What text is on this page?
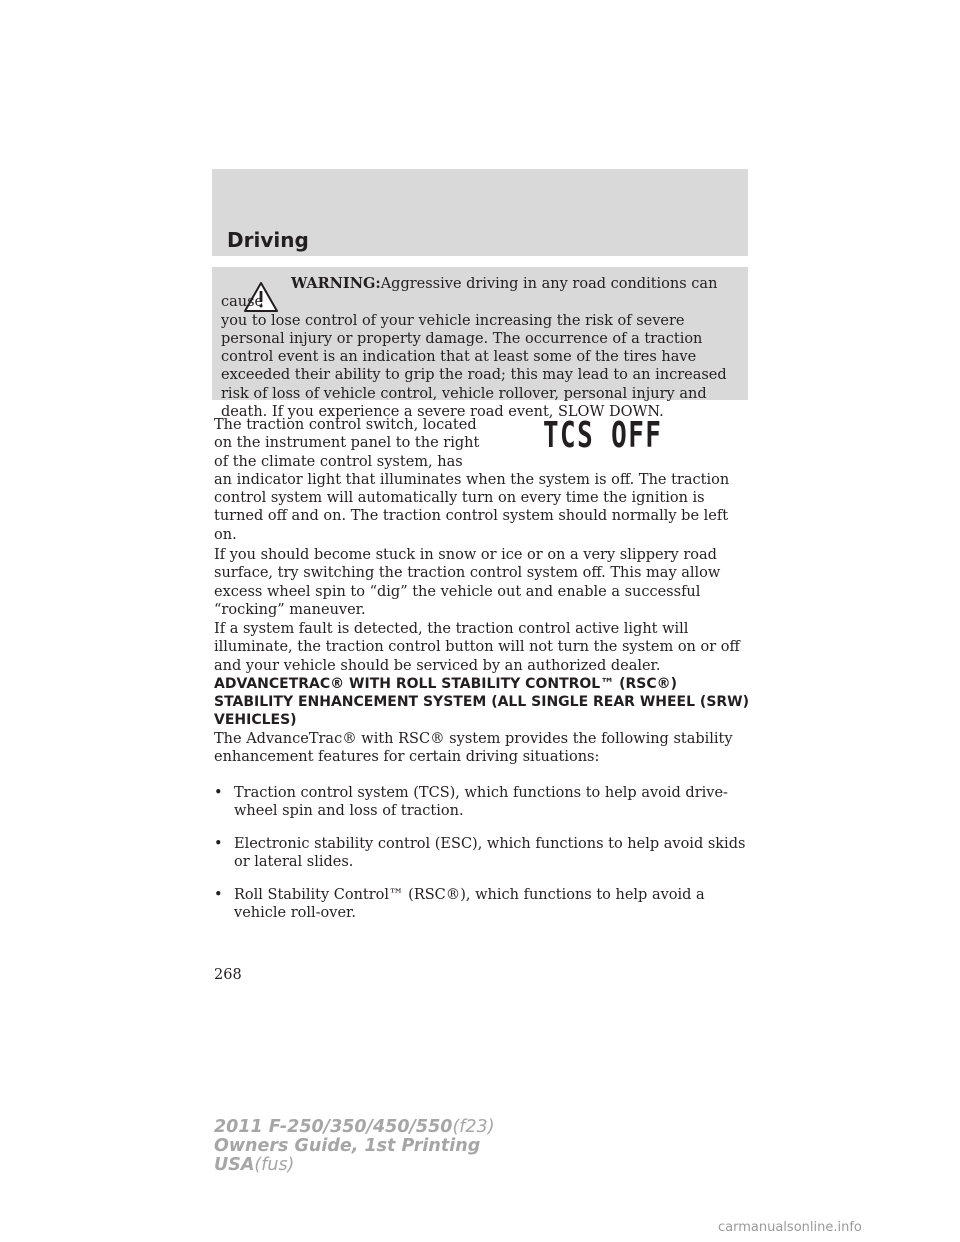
Driving

WARNING:Aggressive driving in any road conditions can cause
you to lose control of your vehicle increasing the risk of severe personal injury or property damage. The occurrence of a traction control event is an indication that at least some of the tires have exceeded their ability to grip the road; this may lead to an increased risk of loss of vehicle control, vehicle rollover, personal injury and death. If you experience a severe road event, SLOW DOWN.

The traction control switch, located
on the instrument panel to the right
of the climate control system, has
an indicator light that illuminates when the system is off. The traction control system will automatically turn on every time the ignition is turned off and on. The traction control system should normally be left on.

TCS OFF

If you should become stuck in snow or ice or on a very slippery road surface, try switching the traction control system off. This may allow excess wheel spin to “dig” the vehicle out and enable a successful “rocking” maneuver.

If a system fault is detected, the traction control active light will illuminate, the traction control button will not turn the system on or off and your vehicle should be serviced by an authorized dealer.

ADVANCETRAC® WITH ROLL STABILITY CONTROL™ (RSC®) STABILITY ENHANCEMENT SYSTEM (ALL SINGLE REAR WHEEL (SRW) VEHICLES)

The AdvanceTrac® with RSC® system provides the following stability enhancement features for certain driving situations:

• Traction control system (TCS), which functions to help avoid drive-wheel spin and loss of traction.
• Electronic stability control (ESC), which functions to help avoid skids or lateral slides.
• Roll Stability Control™ (RSC®), which functions to help avoid a vehicle roll-over.

268

2011 F-250/350/450/550(f23)
Owners Guide, 1st Printing
USA(fus)

carmanualsonline.info
